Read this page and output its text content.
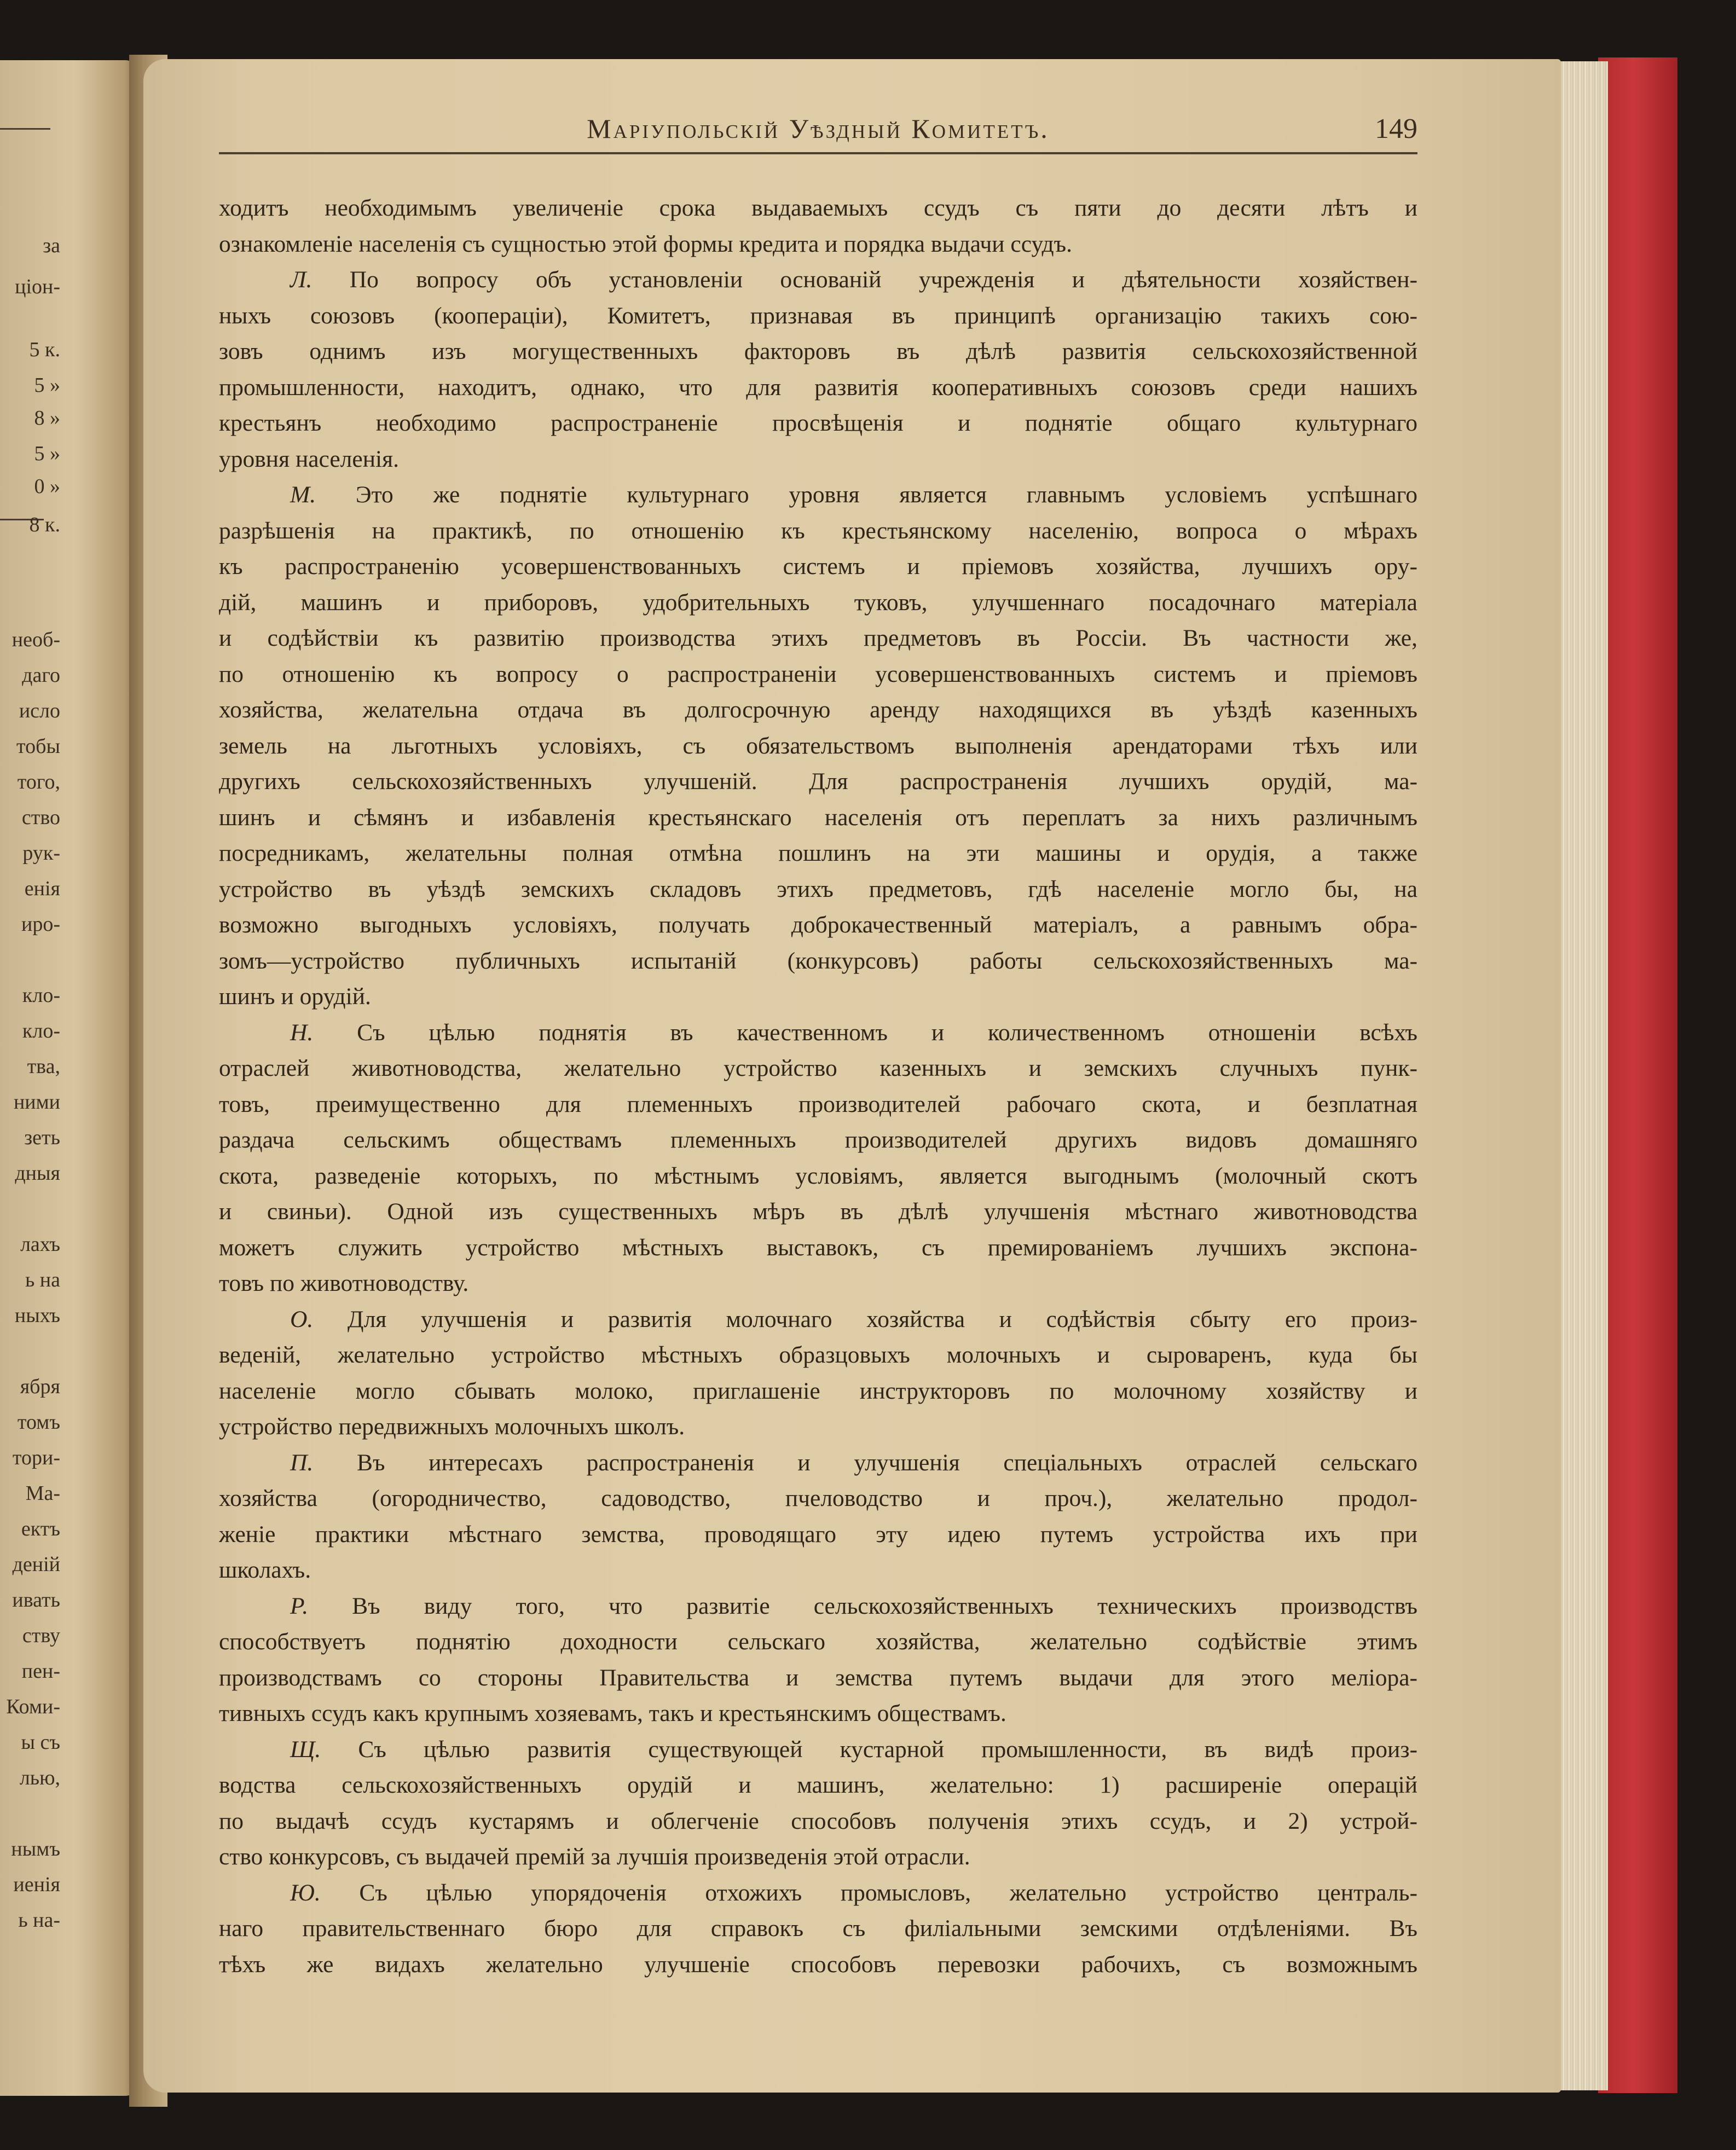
за
ціон-
5 к.
5 »
8 »
5 »
0 »
8 к.
необ-
даго
исло
тобы
того,
ство
рук-
енія
иро-
кло-
кло-
тва,
ними
зеть
дныя
лахъ
ь на
ныхъ
ября
томъ
тори-
Ма-
ектъ
деній
ивать
ству
пен-
Коми-
ы съ
лью,
нымъ
иенія
ь на-
Маріупольскій Уѣздный Комитетъ.	149
ходитъ необходимымъ увеличеніе срока выдаваемыхъ ссудъ съ пяти до десяти лѣтъ и
ознакомленіе населенія съ сущностью этой формы кредита и порядка выдачи ссудъ.
Л. По вопросу объ установленіи основаній учрежденія и дѣятельности хозяйствен-
ныхъ союзовъ (коопераціи), Комитетъ, признавая въ принципѣ организацію такихъ сою-
зовъ однимъ изъ могущественныхъ факторовъ въ дѣлѣ развитія сельскохозяйственной
промышленности, находитъ, однако, что для развитія кооперативныхъ союзовъ среди нашихъ
крестьянъ необходимо распространеніе просвѣщенія и поднятіе общаго культурнаго
уровня населенія.
М. Это же поднятіе культурнаго уровня является главнымъ условіемъ успѣшнаго
разрѣшенія на практикѣ, по отношенію къ крестьянскому населенію, вопроса о мѣрахъ
къ распространенію усовершенствованныхъ системъ и пріемовъ хозяйства, лучшихъ ору-
дій, машинъ и приборовъ, удобрительныхъ туковъ, улучшеннаго посадочнаго матеріала
и содѣйствіи къ развитію производства этихъ предметовъ въ Россіи. Въ частности же,
по отношенію къ вопросу о распространеніи усовершенствованныхъ системъ и пріемовъ
хозяйства, желательна отдача въ долгосрочную аренду находящихся въ уѣздѣ казенныхъ
земель на льготныхъ условіяхъ, съ обязательствомъ выполненія арендаторами тѣхъ или
другихъ сельскохозяйственныхъ улучшеній. Для распространенія лучшихъ орудій, ма-
шинъ и сѣмянъ и избавленія крестьянскаго населенія отъ переплатъ за нихъ различнымъ
посредникамъ, желательны полная отмѣна пошлинъ на эти машины и орудія, а также
устройство въ уѣздѣ земскихъ складовъ этихъ предметовъ, гдѣ населеніе могло бы, на
возможно выгодныхъ условіяхъ, получать доброкачественный матеріалъ, а равнымъ обра-
зомъ—устройство публичныхъ испытаній (конкурсовъ) работы сельскохозяйственныхъ ма-
шинъ и орудій.
Н. Съ цѣлью поднятія въ качественномъ и количественномъ отношеніи всѣхъ
отраслей животноводства, желательно устройство казенныхъ и земскихъ случныхъ пунк-
товъ, преимущественно для племенныхъ производителей рабочаго скота, и безплатная
раздача сельскимъ обществамъ племенныхъ производителей другихъ видовъ домашняго
скота, разведеніе которыхъ, по мѣстнымъ условіямъ, является выгоднымъ (молочный скотъ
и свиньи). Одной изъ существенныхъ мѣръ въ дѣлѣ улучшенія мѣстнаго животноводства
можетъ служить устройство мѣстныхъ выставокъ, съ премированіемъ лучшихъ экспона-
товъ по животноводству.
О. Для улучшенія и развитія молочнаго хозяйства и содѣйствія сбыту его произ-
веденій, желательно устройство мѣстныхъ образцовыхъ молочныхъ и сыроваренъ, куда бы
населеніе могло сбывать молоко, приглашеніе инструкторовъ по молочному хозяйству и
устройство передвижныхъ молочныхъ школъ.
П. Въ интересахъ распространенія и улучшенія спеціальныхъ отраслей сельскаго
хозяйства (огородничество, садоводство, пчеловодство и проч.), желательно продол-
женіе практики мѣстнаго земства, проводящаго эту идею путемъ устройства ихъ при
школахъ.
Р. Въ виду того, что развитіе сельскохозяйственныхъ техническихъ производствъ
способствуетъ поднятію доходности сельскаго хозяйства, желательно содѣйствіе этимъ
производствамъ со стороны Правительства и земства путемъ выдачи для этого меліора-
тивныхъ ссудъ какъ крупнымъ хозяевамъ, такъ и крестьянскимъ обществамъ.
Щ. Съ цѣлью развитія существующей кустарной промышленности, въ видѣ произ-
водства сельскохозяйственныхъ орудій и машинъ, желательно: 1) расширеніе операцій
по выдачѣ ссудъ кустарямъ и облегченіе способовъ полученія этихъ ссудъ, и 2) устрой-
ство конкурсовъ, съ выдачей премій за лучшія произведенія этой отрасли.
Ю. Съ цѣлью упорядоченія отхожихъ промысловъ, желательно устройство централь-
наго правительственнаго бюро для справокъ съ филіальными земскими отдѣленіями. Въ
тѣхъ же видахъ желательно улучшеніе способовъ перевозки рабочихъ, съ возможнымъ
